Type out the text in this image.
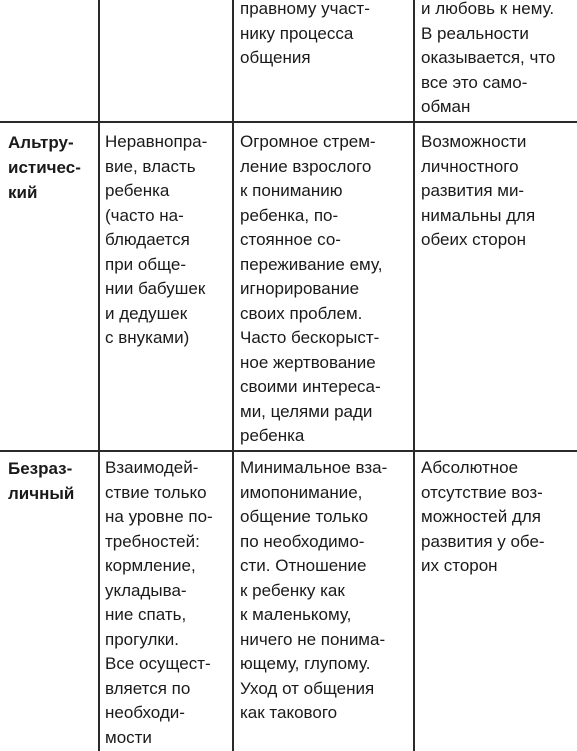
правному участ-
нику процесса
общения
и любовь к нему.
В реальности
оказывается, что
все это само-
обман
Альтру-
истичес-
кий
Неравнопра-
вие, власть
ребенка
(часто на-
блюдается
при обще-
нии бабушек
и дедушек
с внуками)
Огромное стрем-
ление взрослого
к пониманию
ребенка, по-
стоянное со-
переживание ему,
игнорирование
своих проблем.
Часто бескорыст-
ное жертвование
своими интереса-
ми, целями ради
ребенка
Возможности
личностного
развития ми-
нимальны для
обеих сторон
Безраз-
личный
Взаимодей-
ствие только
на уровне по-
требностей:
кормление,
укладыва-
ние спать,
прогулки.
Все осущест-
вляется по
необходи-
мости
Минимальное вза-
имопонимание,
общение только
по необходимо-
сти. Отношение
к ребенку как
к маленькому,
ничего не понима-
ющему, глупому.
Уход от общения
как такового
Абсолютное
отсутствие воз-
можностей для
развития у обе-
их сторон
